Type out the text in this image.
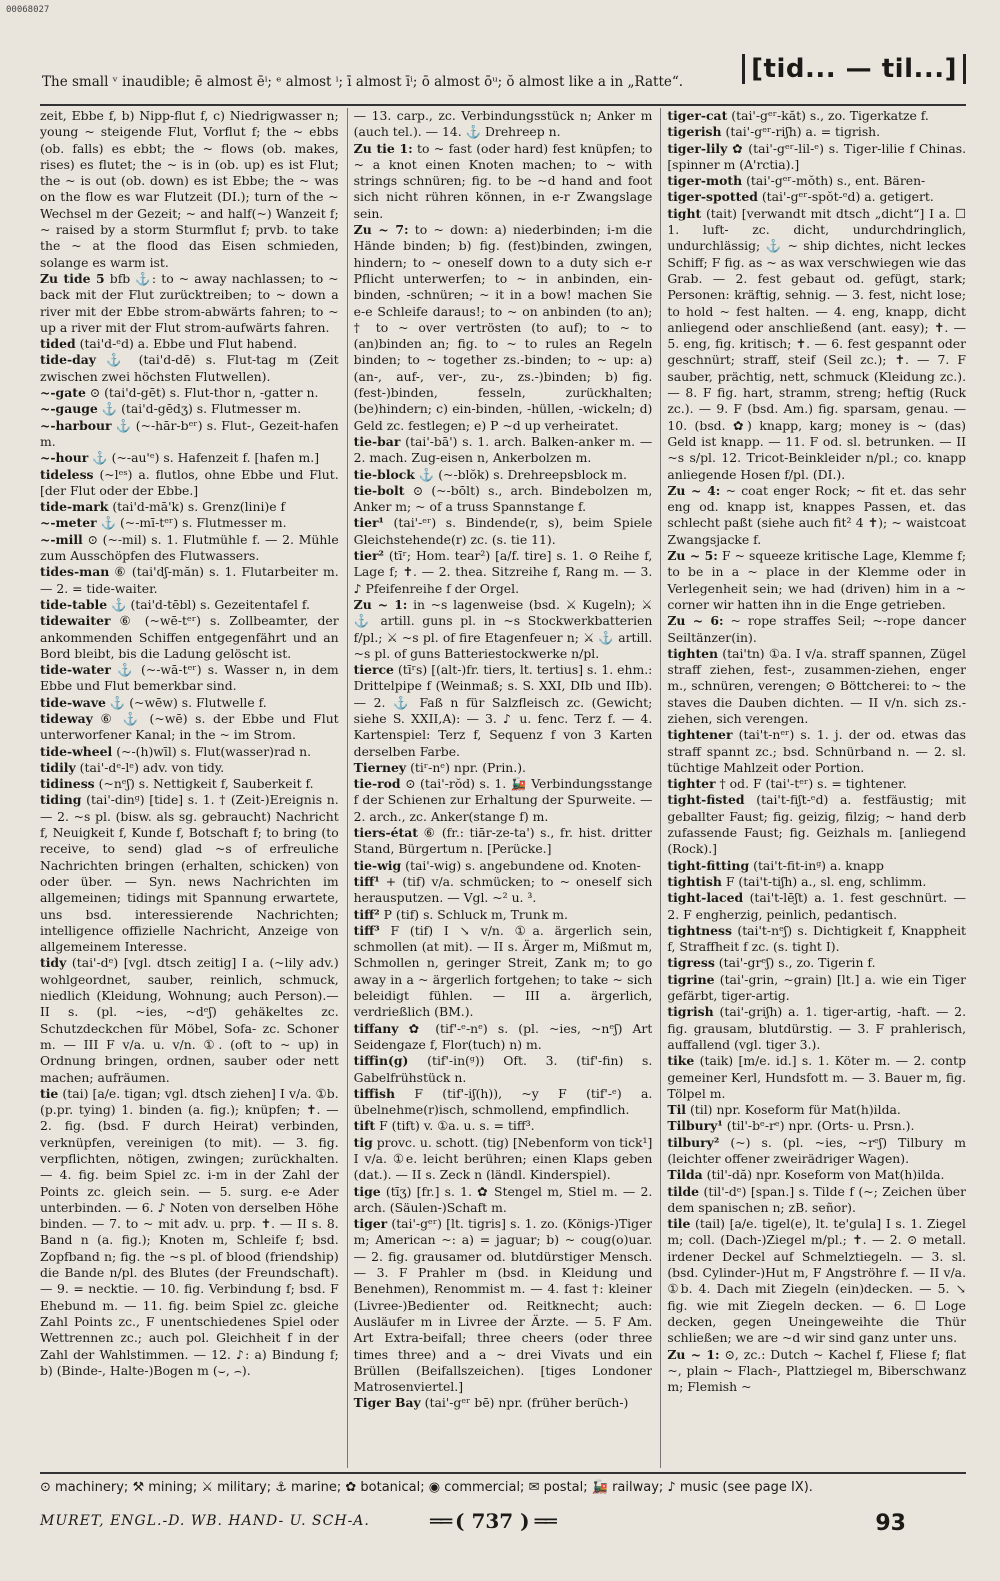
00068027
The small ᵛ inaudible; ē almost ēⁱ; ᵉ almost ⁱ; ī almost īⁱ; ō almost ōᵘ; ŏ almost like a in „Ratte“.	[tid... — til...]

zeit, Ebbe f, b) Nipp-flut f, c) Niedrigwasser n; young ~ steigende Flut, Vorflut f; the ~ ebbs (ob. falls) es ebbt; the ~ flows (ob. makes, rises) es flutet; the ~ is in (ob. up) es ist Flut; the ~ is out (ob. down) es ist Ebbe; the ~ was on the flow es war Flutzeit (DI.); turn of the ~ Wechsel m der Gezeit; ~ and half(~) Wanzeit f; ~ raised by a storm Sturmflut f; prvb. to take the ~ at the flood das Eisen schmieden, solange es warm ist.

Zu tide 5 bfb ⚓: to ~ away nachlassen; to ~ back mit der Flut zurücktreiben; to ~ down a river mit der Ebbe strom-abwärts fahren; to ~ up a river mit der Flut strom-aufwärts fahren.

tided (tai'd-ᵉd) a. Ebbe und Flut habend.

tide-day ⚓ (tai'd-dē) s. Flut-tag m (Zeit zwischen zwei höchsten Flutwellen).

~-gate ⊙ (tai'd-gēt) s. Flut-thor n, -gatter n.

~-gauge ⚓ (tai'd-gēdʒ) s. Flutmesser m.

~-harbour ⚓ (~-hār-bᵉʳ) s. Flut-, Gezeit-hafen m.

~-hour ⚓ (~-au'ᵉ) s. Hafenzeit f. [hafen m.]

tideless (~lᵉˢ) a. flutlos, ohne Ebbe und Flut. [der Flut oder der Ebbe.]

tide-mark (tai'd-mā'k) s. Grenz(lini)e f

~-meter ⚓ (~-mī-tᵉʳ) s. Flutmesser m.

~-mill ⊙ (~-mil) s. 1. Flutmühle f. — 2. Mühle zum Ausschöpfen des Flutwassers.

tides-man ⑥ (tai'dʃ-măn) s. 1. Flutarbeiter m. — 2. = tide-waiter.

tide-table ⚓ (tai'd-tēbl) s. Gezeitentafel f.

tidewaiter ⑥ (~wē-tᵉʳ) s. Zollbeamter, der ankommenden Schiffen entgegenfährt und an Bord bleibt, bis die Ladung gelöscht ist.

tide-water ⚓ (~-wā-tᵉʳ) s. Wasser n, in dem Ebbe und Flut bemerkbar sind.

tide-wave ⚓ (~wēw) s. Flutwelle f.

tideway ⑥ ⚓ (~wē) s. der Ebbe und Flut unterworfener Kanal; in the ~ im Strom.

tide-wheel (~-(h)wīl) s. Flut(wasser)rad n.

tidily (tai'-dᵉ-lᵉ) adv. von tidy.

tidiness (~nᵉʃ) s. Nettigkeit f, Sauberkeit f.

tiding (tai'-dinᵍ) [tide] s. 1. † (Zeit-)Ereignis n. — 2. ~s pl. (bisw. als sg. gebraucht) Nachricht f, Neuigkeit f, Kunde f, Botschaft f; to bring (to receive, to send) glad ~s of erfreuliche Nachrichten bringen (erhalten, schicken) von oder über. — Syn. news Nachrichten im allgemeinen; tidings mit Spannung erwartete, uns bsd. interessierende Nachrichten; intelligence offizielle Nachricht, Anzeige von allgemeinem Interesse.

tidy (tai'-dᵉ) [vgl. dtsch zeitig] I a. (~lily adv.) wohlgeordnet, sauber, reinlich, schmuck, niedlich (Kleidung, Wohnung; auch Person).— II s. (pl. ~ies, ~dᵉʃ) gehäkeltes zc. Schutzdeckchen für Möbel, Sofa- zc. Schoner m. — III F v/a. u. v/n. ①. (oft to ~ up) in Ordnung bringen, ordnen, sauber oder nett machen; aufräumen.

tie (tai) [a/e. tigan; vgl. dtsch ziehen] I v/a. ①b. (p.pr. tying) 1. binden (a. fig.); knüpfen; ✝. — 2. fig. (bsd. F durch Heirat) verbinden, verknüpfen, vereinigen (to mit). — 3. fig. verpflichten, nötigen, zwingen; zurückhalten. — 4. fig. beim Spiel zc. i-m in der Zahl der Points zc. gleich sein. — 5. surg. e-e Ader unterbinden. — 6. ♪ Noten von derselben Höhe binden. — 7. to ~ mit adv. u. prp. ✝. — II s. 8. Band n (a. fig.); Knoten m, Schleife f; bsd. Zopfband n; fig. the ~s pl. of blood (friendship) die Bande n/pl. des Blutes (der Freundschaft). — 9. = necktie. — 10. fig. Verbindung f; bsd. F Ehebund m. — 11. fig. beim Spiel zc. gleiche Zahl Points zc., F unentschiedenes Spiel oder Wettrennen zc.; auch pol. Gleichheit f in der Zahl der Wahlstimmen. — 12. ♪: a) Bindung f; b) (Binde-, Halte-)Bogen m (⌣, ⌢).

— 13. carp., zc. Verbindungsstück n; Anker m (auch tel.). — 14. ⚓ Drehreep n.

Zu tie 1: to ~ fast (oder hard) fest knüpfen; to ~ a knot einen Knoten machen; to ~ with strings schnüren; fig. to be ~d hand and foot sich nicht rühren können, in e-r Zwangslage sein.

Zu ~ 7: to ~ down: a) niederbinden; i-m die Hände binden; b) fig. (fest)binden, zwingen, hindern; to ~ oneself down to a duty sich e-r Pflicht unterwerfen; to ~ in anbinden, ein-binden, -schnüren; ~ it in a bow! machen Sie e-e Schleife daraus!; to ~ on anbinden (to an); † to ~ over vertrösten (to auf); to ~ to (an)binden an; fig. to ~ to rules an Regeln binden; to ~ together zs.-binden; to ~ up: a) (an-, auf-, ver-, zu-, zs.-)binden; b) fig. (fest-)binden, fesseln, zurückhalten; (be)hindern; c) ein-binden, -hüllen, -wickeln; d) Geld zc. festlegen; e) P ~d up verheiratet.

tie-bar (tai'-bā') s. 1. arch. Balken-anker m. — 2. mach. Zug-eisen n, Ankerbolzen m.

tie-block ⚓ (~-blŏk) s. Drehreepsblock m.

tie-bolt ⊙ (~-bōlt) s., arch. Bindebolzen m, Anker m; ~ of a truss Spannstange f.

tier¹ (tai'-ᵉʳ) s. Bindende(r, s), beim Spiele Gleichstehende(r) zc. (s. tie 11).

tier² (tīʳ; Hom. tear²) [a/f. tire] s. 1. ⊙ Reihe f, Lage f; ✝. — 2. thea. Sitzreihe f, Rang m. — 3. ♪ Pfeifenreihe f der Orgel.

Zu ~ 1: in ~s lagenweise (bsd. ⚔ Kugeln); ⚔ ⚓ artill. guns pl. in ~s Stockwerkbatterien f/pl.; ⚔ ~s pl. of fire Etagenfeuer n; ⚔ ⚓ artill. ~s pl. of guns Batteriestockwerke n/pl.

tierce (tīʳs) [(alt-)fr. tiers, lt. tertius] s. 1. ehm.: Drittelpipe f (Weinmaß; s. S. XXI, DIb und IIb). — 2. ⚓ Faß n für Salzfleisch zc. (Gewicht; siehe S. XXII,A): — 3. ♪ u. fenc. Terz f. — 4. Kartenspiel: Terz f, Sequenz f von 3 Karten derselben Farbe.

Tierney (tiʳ-nᵉ) npr. (Prin.).

tie-rod ⊙ (tai'-rŏd) s. 1. 🚂 Verbindungsstange f der Schienen zur Erhaltung der Spurweite. — 2. arch., zc. Anker(stange f) m.

tiers-état ⑥ (fr.: tiār-ze-ta') s., fr. hist. dritter Stand, Bürgertum n. [Perücke.]

tie-wig (tai'-wig) s. angebundene od. Knoten-

tiff¹ + (tif) v/a. schmücken; to ~ oneself sich herausputzen. — Vgl. ~² u. ³.

tiff² P (tif) s. Schluck m, Trunk m.

tiff³ F (tif) I ↘ v/n. ①a. ärgerlich sein, schmollen (at mit). — II s. Ärger m, Mißmut m, Schmollen n, geringer Streit, Zank m; to go away in a ~ ärgerlich fortgehen; to take ~ sich beleidigt fühlen. — III a. ärgerlich, verdrießlich (BM.).

tiffany ✿ (tif'-ᵉ-nᵉ) s. (pl. ~ies, ~nᵉʃ) Art Seidengaze f, Flor(tuch) n) m.

tiffin(g) (tif'-in(ᵍ)) Oft. 3. (tif'-fin) s. Gabelfrühstück n.

tiffish F (tif'-iʃ(h)), ~y F (tif'-ᵉ) a. übelnehme(r)isch, schmollend, empfindlich.

tift F (tift) v. ①a. u. s. = tiff³.

tig provc. u. schott. (tig) [Nebenform von tick¹] I v/a. ①e. leicht berühren; einen Klaps geben (dat.). — II s. Zeck n (ländl. Kinderspiel).

tige (tīʒ) [fr.] s. 1. ✿ Stengel m, Stiel m. — 2. arch. (Säulen-)Schaft m.

tiger (tai'-gᵉʳ) [lt. tigris] s. 1. zo. (Königs-)Tiger m; American ~: a) = jaguar; b) ~ coug(o)uar. — 2. fig. grausamer od. blutdürstiger Mensch. — 3. F Prahler m (bsd. in Kleidung und Benehmen), Renommist m. — 4. fast †: kleiner (Livree-)Bedienter od. Reitknecht; auch: Ausläufer m in Livree der Ärzte. — 5. F Am. Art Extra-beifall; three cheers (oder three times three) and a ~ drei Vivats und ein Brüllen (Beifallszeichen). [tiges Londoner Matrosenviertel.]

Tiger Bay (tai'-gᵉʳ bē) npr. (früher berüch-)

tiger-cat (tai'-gᵉʳ-kăt) s., zo. Tigerkatze f.

tigerish (tai'-gᵉʳ-riʃh) a. = tigrish.

tiger-lily ✿ (tai'-gᵉʳ-lil-ᵉ) s. Tiger-lilie f Chinas. [spinner m (A'rctia).]

tiger-moth (tai'-gᵉʳ-mŏth) s., ent. Bären-

tiger-spotted (tai'-gᵉʳ-spŏt-ᵉd) a. getigert.

tight (tait) [verwandt mit dtsch „dicht“] I a. ☐ 1. luft- zc. dicht, undurchdringlich, undurchlässig; ⚓ ~ ship dichtes, nicht leckes Schiff; F fig. as ~ as wax verschwiegen wie das Grab. — 2. fest gebaut od. gefügt, stark; Personen: kräftig, sehnig. — 3. fest, nicht lose; to hold ~ fest halten. — 4. eng, knapp, dicht anliegend oder anschließend (ant. easy); ✝. — 5. eng, fig. kritisch; ✝. — 6. fest gespannt oder geschnürt; straff, steif (Seil zc.); ✝. — 7. F sauber, prächtig, nett, schmuck (Kleidung zc.). — 8. F fig. hart, stramm, streng; heftig (Ruck zc.). — 9. F (bsd. Am.) fig. sparsam, genau. — 10. (bsd. ✿) knapp, karg; money is ~ (das) Geld ist knapp. — 11. F od. sl. betrunken. — II ~s s/pl. 12. Tricot-Beinkleider n/pl.; co. knapp anliegende Hosen f/pl. (DI.).

Zu ~ 4: ~ coat enger Rock; ~ fit et. das sehr eng od. knapp ist, knappes Passen, et. das schlecht paßt (siehe auch fit² 4 ✝); ~ waistcoat Zwangsjacke f.

Zu ~ 5: F ~ squeeze kritische Lage, Klemme f; to be in a ~ place in der Klemme oder in Verlegenheit sein; we had (driven) him in a ~ corner wir hatten ihn in die Enge getrieben.

Zu ~ 6: ~ rope straffes Seil; ~-rope dancer Seiltänzer(in).

tighten (tai'tn) ①a. I v/a. straff spannen, Zügel straff ziehen, fest-, zusammen-ziehen, enger m., schnüren, verengen; ⊙ Böttcherei: to ~ the staves die Dauben dichten. — II v/n. sich zs.-ziehen, sich verengen.

tightener (tai't-nᵉʳ) s. 1. j. der od. etwas das straff spannt zc.; bsd. Schnürband n. — 2. sl. tüchtige Mahlzeit oder Portion.

tighter † od. F (tai'-tᵉʳ) s. = tightener.

tight-fisted (tai't-fiʃt-ᵉd) a. festfäustig; mit geballter Faust; fig. geizig, filzig; ~ hand derb zufassende Faust; fig. Geizhals m. [anliegend (Rock).]

tight-fitting (tai't-fit-inᵍ) a. knapp

tightish F (tai't-tiʃh) a., sl. eng, schlimm.

tight-laced (tai't-lēʃt) a. 1. fest geschnürt. — 2. F engherzig, peinlich, pedantisch.

tightness (tai't-nᵉʃ) s. Dichtigkeit f, Knappheit f, Straffheit f zc. (s. tight I).

tigress (tai'-grᵉʃ) s., zo. Tigerin f.

tigrine (tai'-grin, ~grain) [lt.] a. wie ein Tiger gefärbt, tiger-artig.

tigrish (tai'-griʃh) a. 1. tiger-artig, -haft. — 2. fig. grausam, blutdürstig. — 3. F prahlerisch, auffallend (vgl. tiger 3.).

tike (taik) [m/e. id.] s. 1. Köter m. — 2. contp gemeiner Kerl, Hundsfott m. — 3. Bauer m, fig. Tölpel m.

Til (til) npr. Koseform für Mat(h)ilda.

Tilbury¹ (til'-bᵉ-rᵉ) npr. (Orts- u. Prsn.).

tilbury² (~) s. (pl. ~ies, ~rᵉʃ) Tilbury m (leichter offener zweirädriger Wagen).

Tilda (til'-dă) npr. Koseform von Mat(h)ilda.

tilde (til'-dᵉ) [span.] s. Tilde f (~; Zeichen über dem spanischen n; zB. señor).

tile (tail) [a/e. tigel(e), lt. te'gula] I s. 1. Ziegel m; coll. (Dach-)Ziegel m/pl.; ✝. — 2. ⊙ metall. irdener Deckel auf Schmelztiegeln. — 3. sl. (bsd. Cylinder-)Hut m, F Angströhre f. — II v/a. ①b. 4. Dach mit Ziegeln (ein)decken. — 5. ↘ fig. wie mit Ziegeln decken. — 6. ☐ Loge decken, gegen Uneingeweihte die Thür schließen; we are ~d wir sind ganz unter uns.

Zu ~ 1: ⊙, zc.: Dutch ~ Kachel f, Fliese f; flat ~, plain ~ Flach-, Plattziegel m, Biberschwanz m; Flemish ~

⊙ machinery; ⚒ mining; ⚔ military; ⚓ marine; ✿ botanical; ◉ commercial; ✉ postal; 🚂 railway; ♪ music (see page IX).
MURET, ENGL.-D. WB. HAND- U. SCH-A.	══ ( 737 ) ══	93
